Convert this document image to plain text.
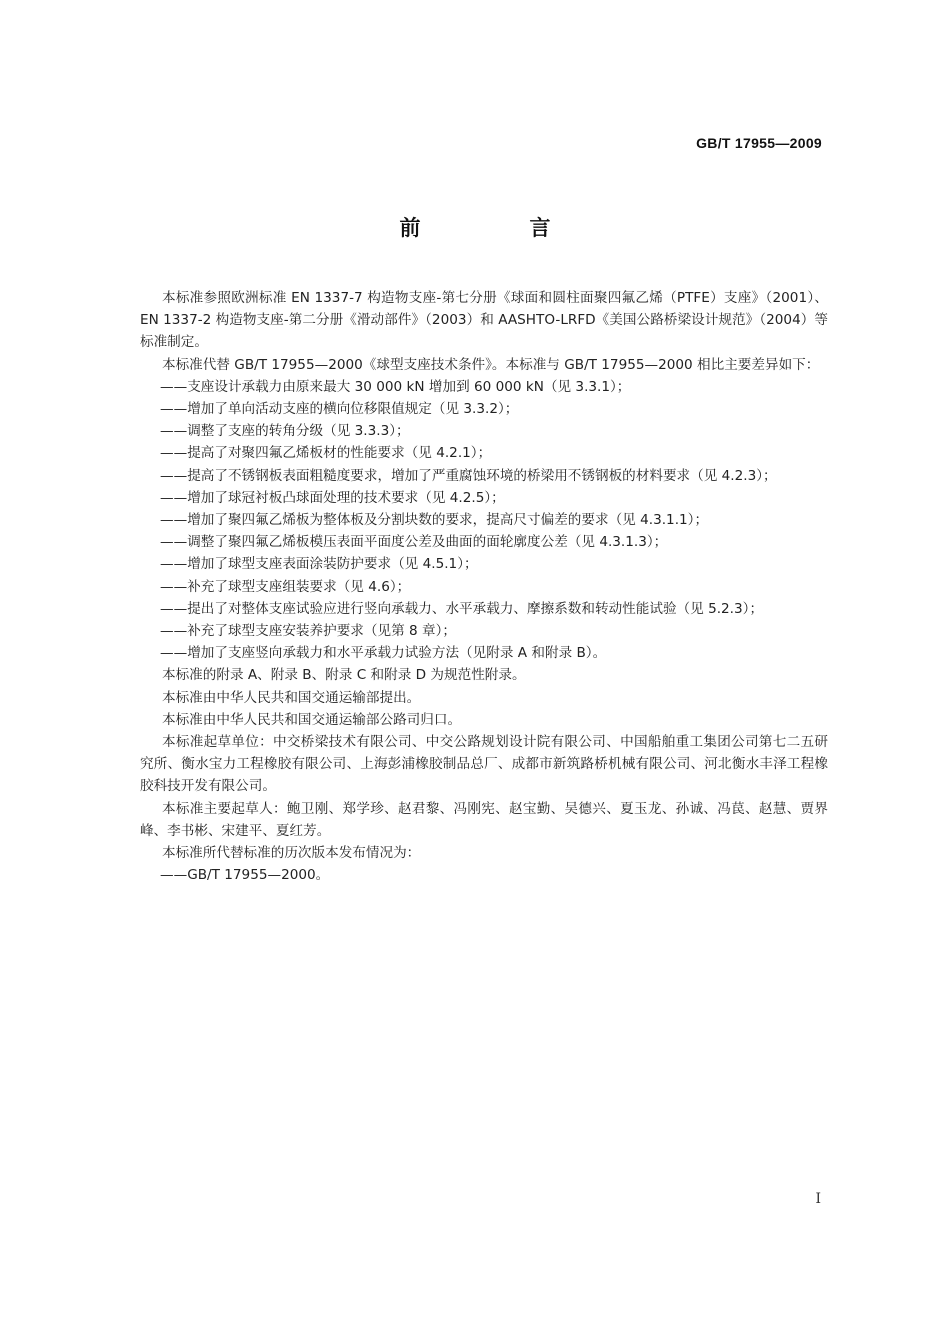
GB/T 17955—2009
前　言

本标准参照欧洲标准 EN 1337-7 构造物支座-第七分册《球面和圆柱面聚四氟乙烯（PTFE）支座》（2001）、EN 1337-2 构造物支座-第二分册《滑动部件》（2003）和 AASHTO-LRFD《美国公路桥梁设计规范》（2004）等标准制定。

本标准代替 GB/T 17955—2000《球型支座技术条件》。本标准与 GB/T 17955—2000 相比主要差异如下：

——支座设计承载力由原来最大 30 000 kN 增加到 60 000 kN（见 3.3.1）；

——增加了单向活动支座的横向位移限值规定（见 3.3.2）；

——调整了支座的转角分级（见 3.3.3）；

——提高了对聚四氟乙烯板材的性能要求（见 4.2.1）；

——提高了不锈钢板表面粗糙度要求，增加了严重腐蚀环境的桥梁用不锈钢板的材料要求（见 4.2.3）；

——增加了球冠衬板凸球面处理的技术要求（见 4.2.5）；

——增加了聚四氟乙烯板为整体板及分割块数的要求，提高尺寸偏差的要求（见 4.3.1.1）；

——调整了聚四氟乙烯板模压表面平面度公差及曲面的面轮廓度公差（见 4.3.1.3）；

——增加了球型支座表面涂装防护要求（见 4.5.1）；

——补充了球型支座组装要求（见 4.6）；

——提出了对整体支座试验应进行竖向承载力、水平承载力、摩擦系数和转动性能试验（见 5.2.3）；

——补充了球型支座安装养护要求（见第 8 章）；

——增加了支座竖向承载力和水平承载力试验方法（见附录 A 和附录 B）。

本标准的附录 A、附录 B、附录 C 和附录 D 为规范性附录。

本标准由中华人民共和国交通运输部提出。

本标准由中华人民共和国交通运输部公路司归口。

本标准起草单位：中交桥梁技术有限公司、中交公路规划设计院有限公司、中国船舶重工集团公司第七二五研究所、衡水宝力工程橡胶有限公司、上海彭浦橡胶制品总厂、成都市新筑路桥机械有限公司、河北衡水丰泽工程橡胶科技开发有限公司。

本标准主要起草人：鲍卫刚、郑学珍、赵君黎、冯刚宪、赵宝勤、吴德兴、夏玉龙、孙诚、冯苠、赵慧、贾界峰、李书彬、宋建平、夏红芳。

本标准所代替标准的历次版本发布情况为：

——GB/T 17955—2000。

I
